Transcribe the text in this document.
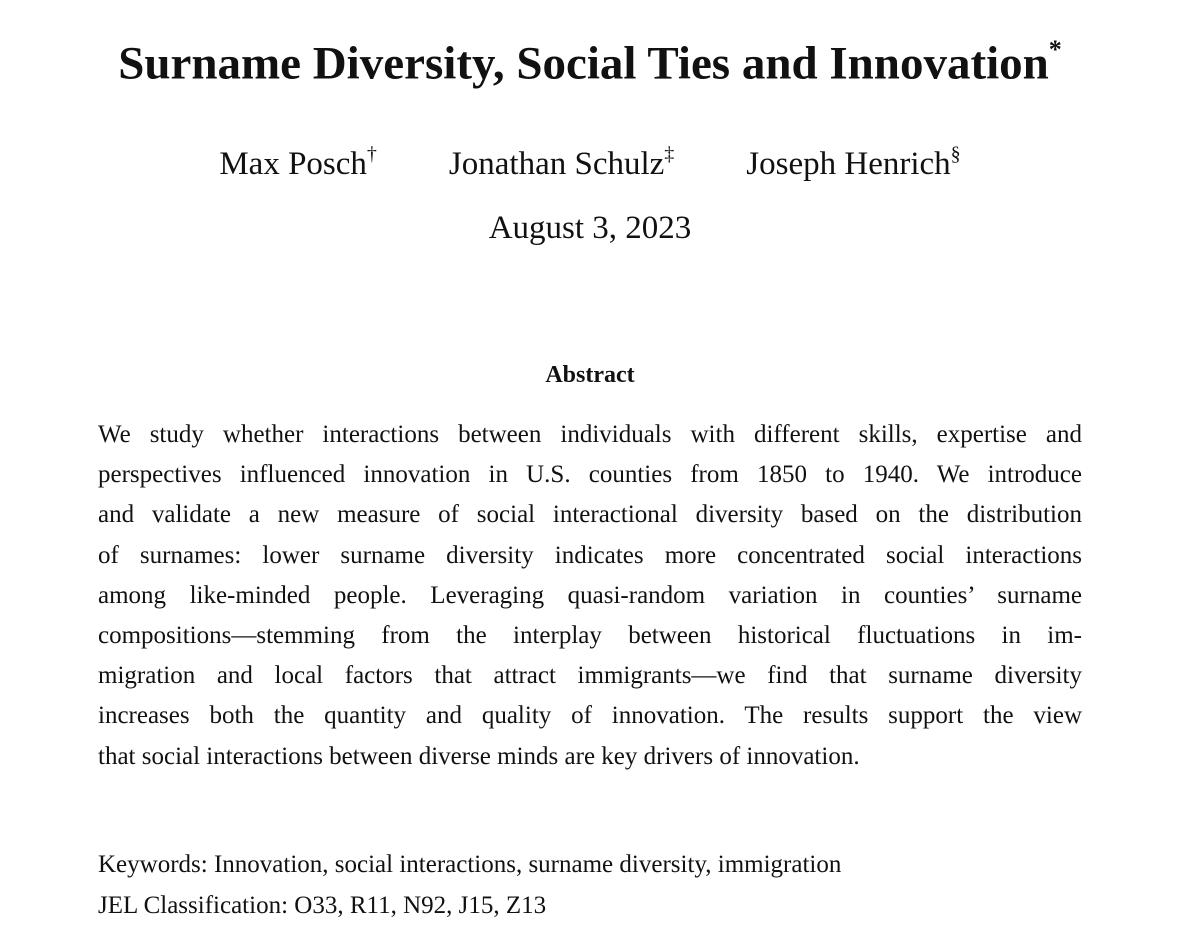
Surname Diversity, Social Ties and Innovation*
Max Posch† Jonathan Schulz‡ Joseph Henrich§
August 3, 2023
Abstract
We study whether interactions between individuals with different skills, expertise and
perspectives influenced innovation in U.S. counties from 1850 to 1940. We introduce
and validate a new measure of social interactional diversity based on the distribution
of surnames: lower surname diversity indicates more concentrated social interactions
among like-minded people. Leveraging quasi-random variation in counties’ surname
compositions—stemming from the interplay between historical fluctuations in im-
migration and local factors that attract immigrants—we find that surname diversity
increases both the quantity and quality of innovation. The results support the view
that social interactions between diverse minds are key drivers of innovation.
Keywords: Innovation, social interactions, surname diversity, immigration
JEL Classification: O33, R11, N92, J15, Z13
